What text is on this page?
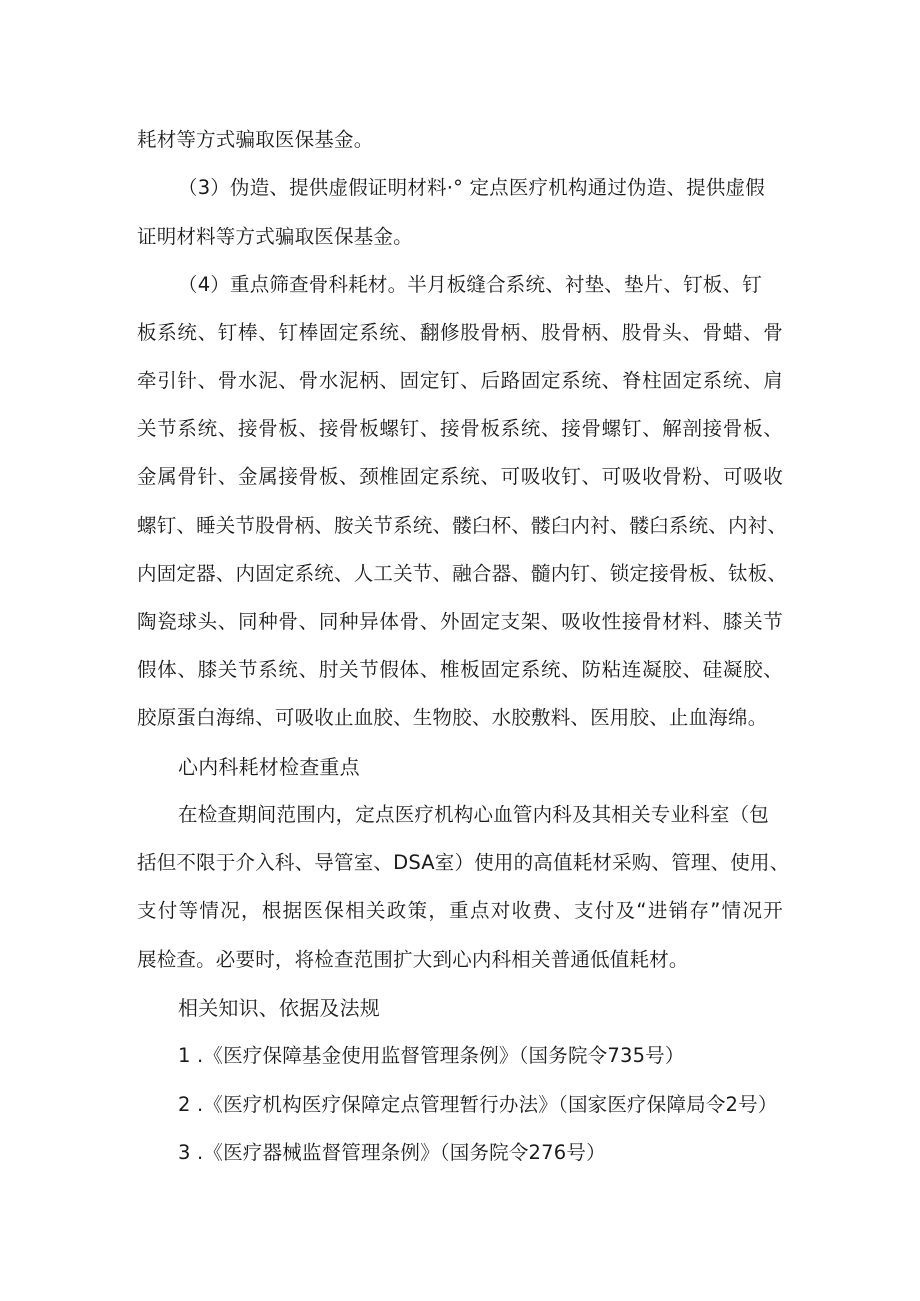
耗材等方式骗取医保基金。
（3）伪造、提供虚假证明材料·° 定点医疗机构通过伪造、提供虚假
证明材料等方式骗取医保基金。
（4）重点筛查骨科耗材。半月板缝合系统、衬垫、垫片、钉板、钉
板系统、钉棒、钉棒固定系统、翻修股骨柄、股骨柄、股骨头、骨蜡、骨
牵引针、骨水泥、骨水泥柄、固定钉、后路固定系统、脊柱固定系统、肩
关节系统、接骨板、接骨板螺钉、接骨板系统、接骨螺钉、解剖接骨板、
金属骨针、金属接骨板、颈椎固定系统、可吸收钉、可吸收骨粉、可吸收
螺钉、睡关节股骨柄、胺关节系统、髅臼杯、髅臼内衬、髅臼系统、内衬、
内固定器、内固定系统、人工关节、融合器、髓内钉、锁定接骨板、钛板、
陶瓷球头、同种骨、同种异体骨、外固定支架、吸收性接骨材料、膝关节
假体、膝关节系统、肘关节假体、椎板固定系统、防粘连凝胶、硅凝胶、
胶原蛋白海绵、可吸收止血胶、生物胶、水胶敷料、医用胶、止血海绵。
心内科耗材检查重点
在检查期间范围内，定点医疗机构心血管内科及其相关专业科室（包
括但不限于介入科、导管室、DSA室）使用的高值耗材采购、管理、使用、
支付等情况，根据医保相关政策，重点对收费、支付及“进销存”情况开
展检查。必要时，将检查范围扩大到心内科相关普通低值耗材。
相关知识、依据及法规
1 .《医疗保障基金使用监督管理条例》（国务院令735号）
2 .《医疗机构医疗保障定点管理暂行办法》（国家医疗保障局令2号）
3 .《医疗器械监督管理条例》（国务院令276号）
